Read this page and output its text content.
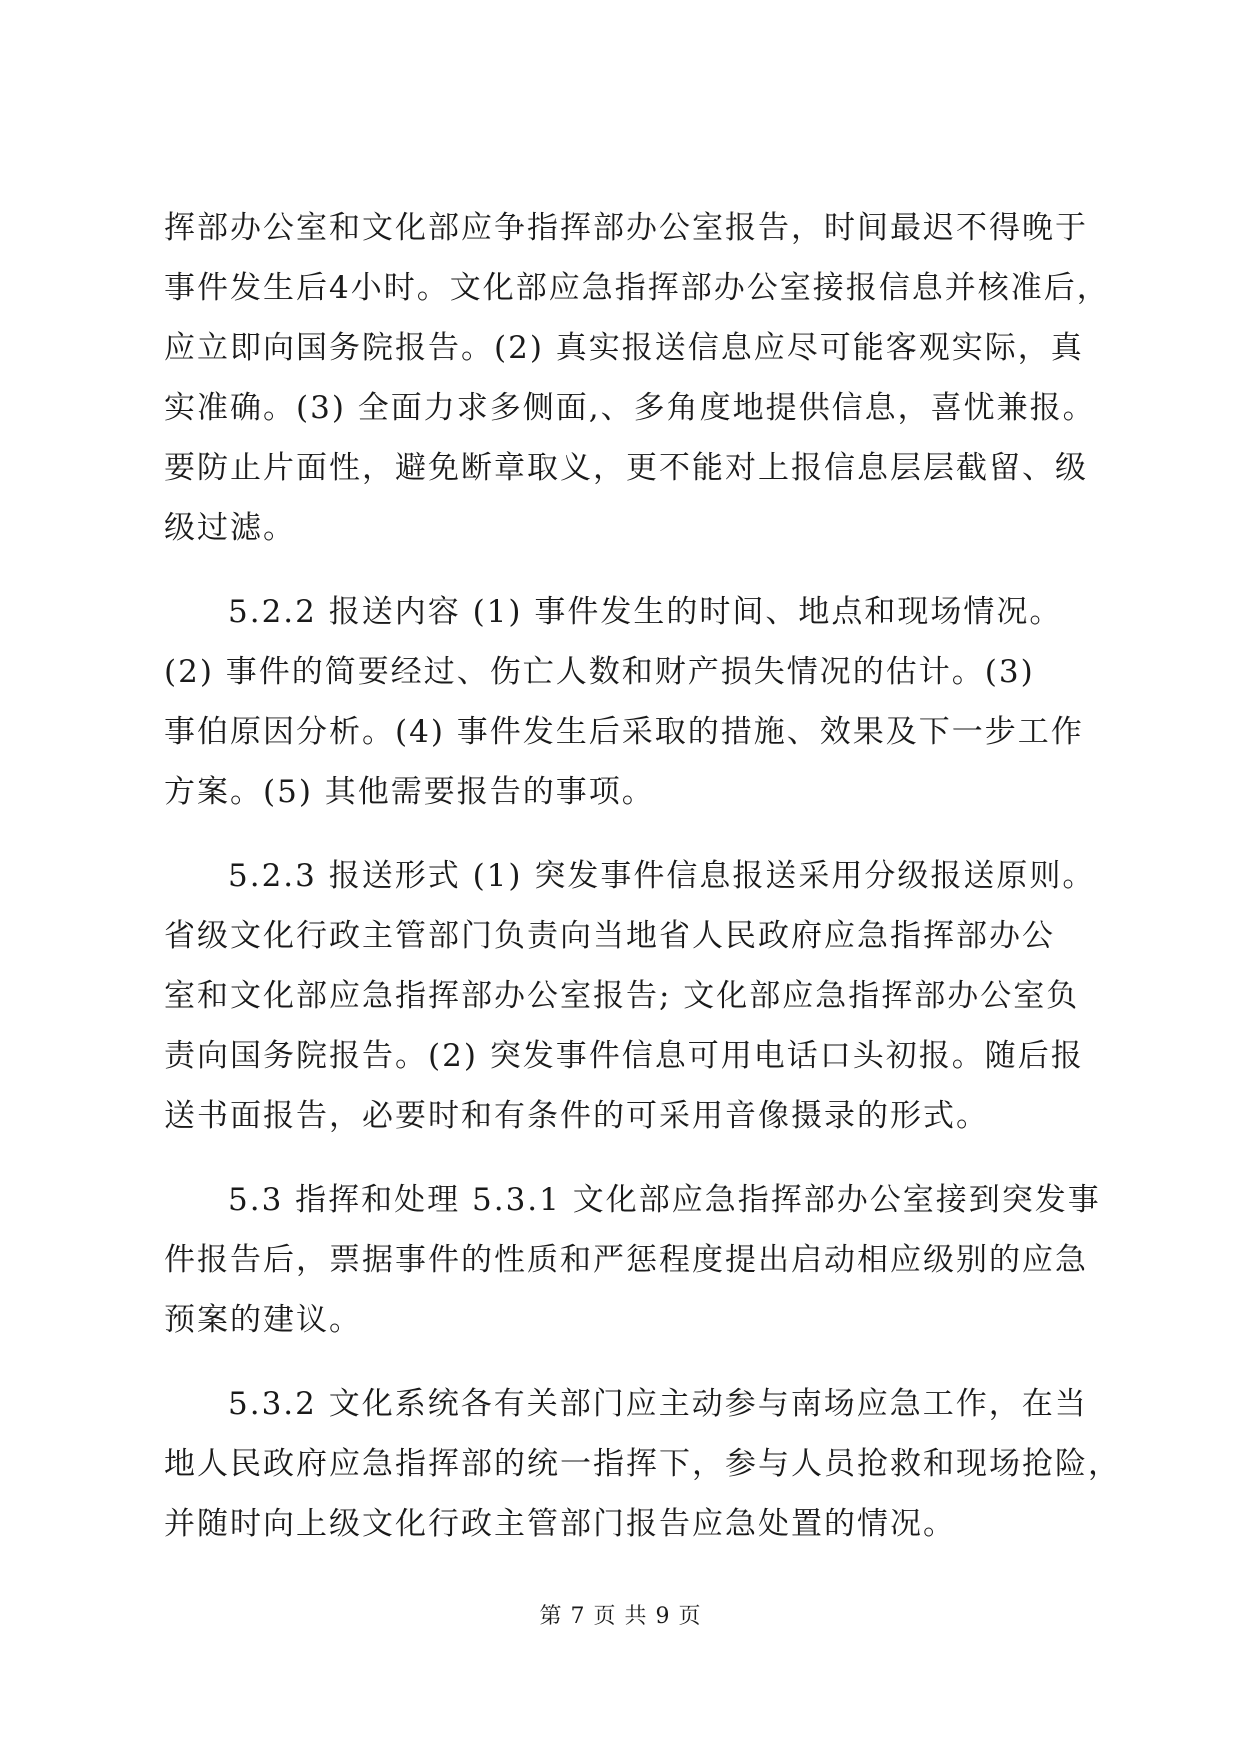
挥部办公室和文化部应争指挥部办公室报告，时间最迟不得晚于
事件发生后4小时。文化部应急指挥部办公室接报信息并核准后，
应立即向国务院报告。(2) 真实报送信息应尽可能客观实际，真
实准确。(3) 全面力求多侧面,、多角度地提供信息，喜忧兼报。
要防止片面性，避免断章取义，更不能对上报信息层层截留、级
级过滤。
5.2.2 报送内容 (1) 事件发生的时间、地点和现场情况。
(2) 事件的简要经过、伤亡人数和财产损失情况的估计。(3)
事伯原因分析。(4) 事件发生后采取的措施、效果及下一步工作
方案。(5) 其他需要报告的事项。
5.2.3 报送形式 (1) 突发事件信息报送采用分级报送原则。
省级文化行政主管部门负责向当地省人民政府应急指挥部办公
室和文化部应急指挥部办公室报告; 文化部应急指挥部办公室负
责向国务院报告。(2) 突发事件信息可用电话口头初报。随后报
送书面报告，必要时和有条件的可采用音像摄录的形式。
5.3 指挥和处理 5.3.1 文化部应急指挥部办公室接到突发事
件报告后，票据事件的性质和严惩程度提出启动相应级别的应急
预案的建议。
5.3.2 文化系统各有关部门应主动参与南场应急工作，在当
地人民政府应急指挥部的统一指挥下，参与人员抢救和现场抢险，
并随时向上级文化行政主管部门报告应急处置的情况。
第 7 页 共 9 页
